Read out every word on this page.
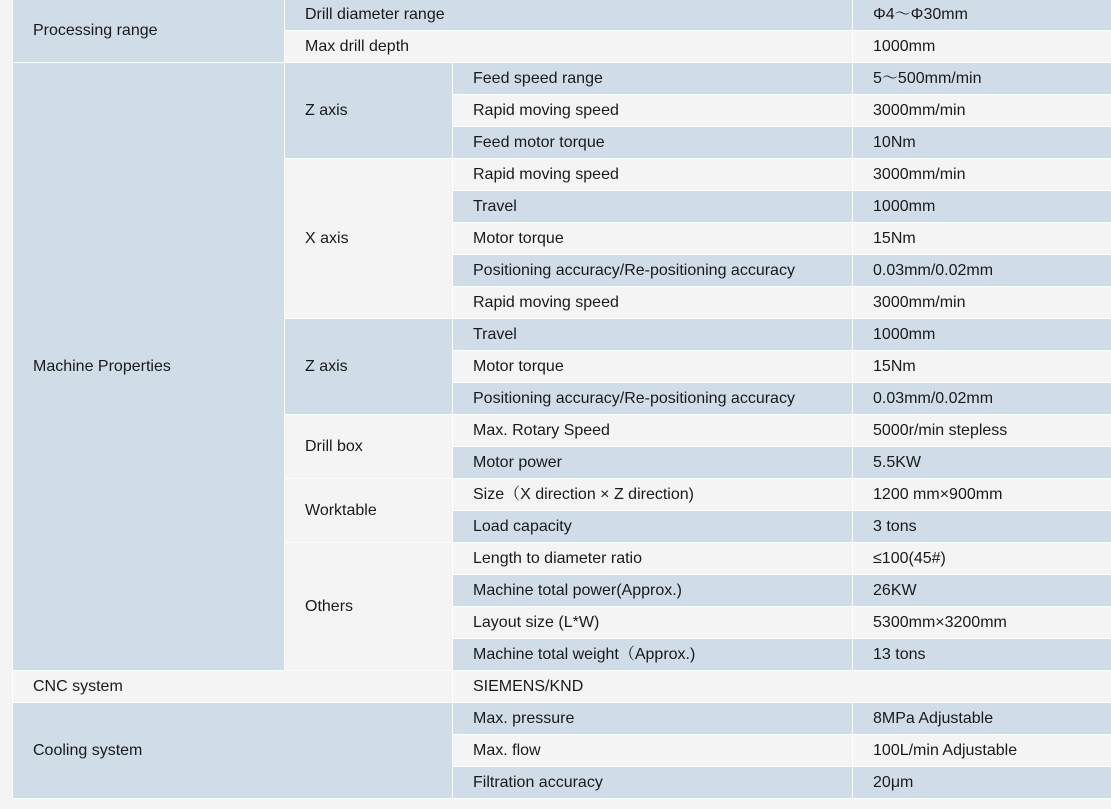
Processing range	Drill diameter range		Φ4～Φ30mm
	Max drill depth		1000mm
Machine Properties	Z axis	Feed speed range	5～500mm/min
		Rapid moving speed	3000mm/min
		Feed motor torque	10Nm
	X axis	Rapid moving speed	3000mm/min
		Travel	1000mm
		Motor torque	15Nm
		Positioning accuracy/Re-positioning accuracy	0.03mm/0.02mm
		Rapid moving speed	3000mm/min
	Z axis	Travel	1000mm
		Motor torque	15Nm
		Positioning accuracy/Re-positioning accuracy	0.03mm/0.02mm
	Drill box	Max. Rotary Speed	5000r/min stepless
		Motor power	5.5KW
	Worktable	Size（X direction × Z direction)	1200 mm×900mm
		Load capacity	3 tons
	Others	Length to diameter ratio	≤100(45#)
		Machine total power(Approx.)	26KW
		Layout size (L*W)	5300mm×3200mm
		Machine total weight（Approx.)	13 tons
CNC system		SIEMENS/KND	
Cooling system		Max. pressure	8MPa Adjustable
		Max. flow	100L/min Adjustable
		Filtration accuracy	20μm
